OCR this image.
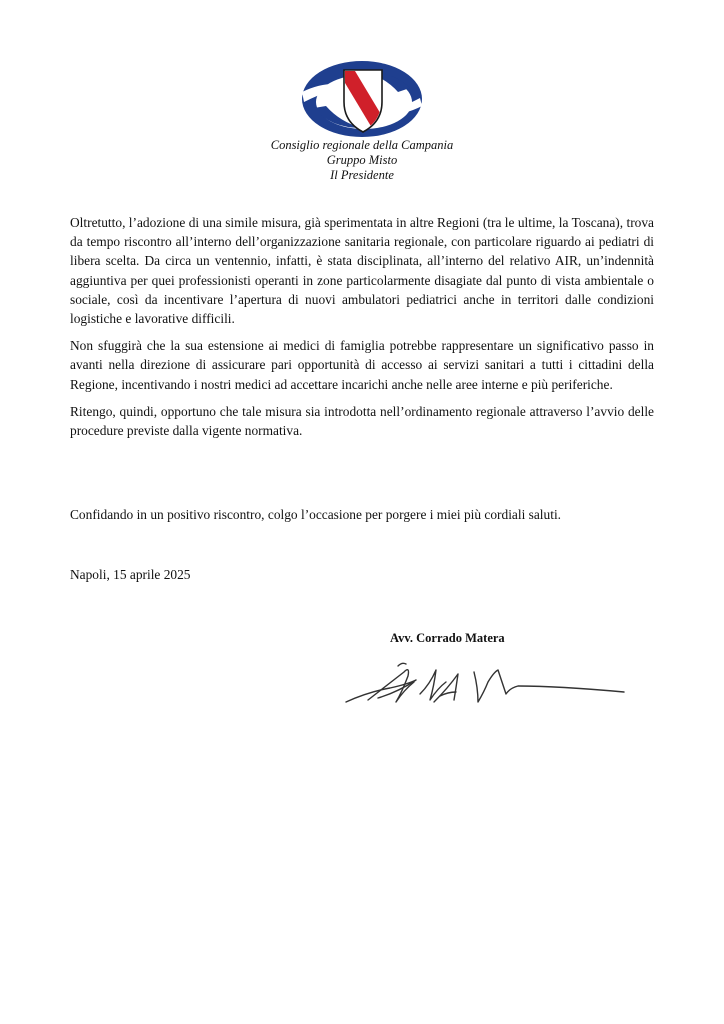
Consiglio regionale della Campania
Gruppo Misto
Il Presidente

Oltretutto, l’adozione di una simile misura, già sperimentata in altre Regioni (tra le ultime, la Toscana), trova da tempo riscontro all’interno dell’organizzazione sanitaria regionale, con particolare riguardo ai pediatri di libera scelta. Da circa un ventennio, infatti, è stata disciplinata, all’interno del relativo AIR, un’indennità aggiuntiva per quei professionisti operanti in zone particolarmente disagiate dal punto di vista ambientale o sociale, così da incentivare l’apertura di nuovi ambulatori pediatrici anche in territori dalle condizioni logistiche e lavorative difficili.

Non sfuggirà che la sua estensione ai medici di famiglia potrebbe rappresentare un significativo passo in avanti nella direzione di assicurare pari opportunità di accesso ai servizi sanitari a tutti i cittadini della Regione, incentivando i nostri medici ad accettare incarichi anche nelle aree interne e più periferiche.

Ritengo, quindi, opportuno che tale misura sia introdotta nell’ordinamento regionale attraverso l’avvio delle procedure previste dalla vigente normativa.

Confidando in un positivo riscontro, colgo l’occasione per porgere i miei più cordiali saluti.
Napoli, 15 aprile 2025
Avv. Corrado Matera
